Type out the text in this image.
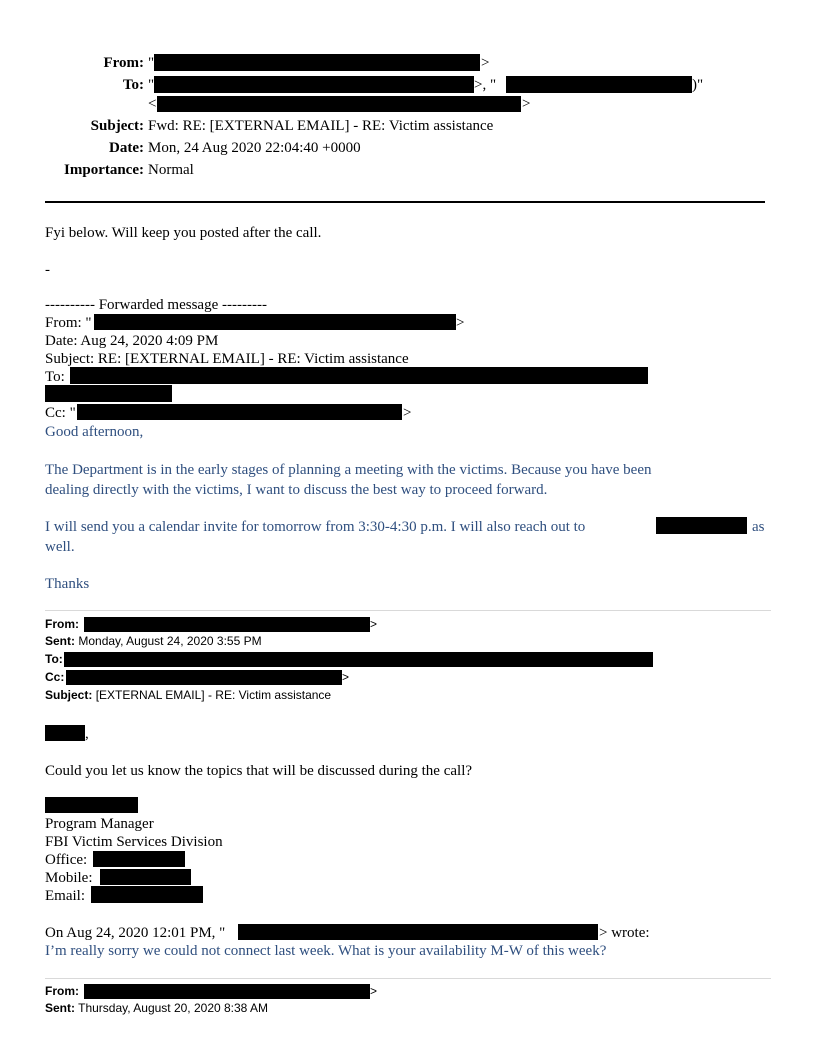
From: "	>
To: "	>, "	)"
<	>
Subject: Fwd: RE: [EXTERNAL EMAIL] - RE: Victim assistance
Date: Mon, 24 Aug 2020 22:04:40 +0000
Importance: Normal
Fyi below. Will keep you posted after the call.
-
---------- Forwarded message ---------
From: "	>
Date: Aug 24, 2020 4:09 PM
Subject: RE: [EXTERNAL EMAIL] - RE: Victim assistance
To:
Cc: "	>
Good afternoon,
The Department is in the early stages of planning a meeting with the victims. Because you have been
dealing directly with the victims, I want to discuss the best way to proceed forward.
I will send you a calendar invite for tomorrow from 3:30-4:30 p.m. I will also reach out to	as
well.
Thanks
From:	>
Sent: Monday, August 24, 2020 3:55 PM
To:
Cc:	>
Subject: [EXTERNAL EMAIL] - RE: Victim assistance
,
Could you let us know the topics that will be discussed during the call?
Program Manager
FBI Victim Services Division
Office:
Mobile:
Email:
On Aug 24, 2020 12:01 PM, "	> wrote:
I’m really sorry we could not connect last week. What is your availability M-W of this week?
From:	>
Sent: Thursday, August 20, 2020 8:38 AM
